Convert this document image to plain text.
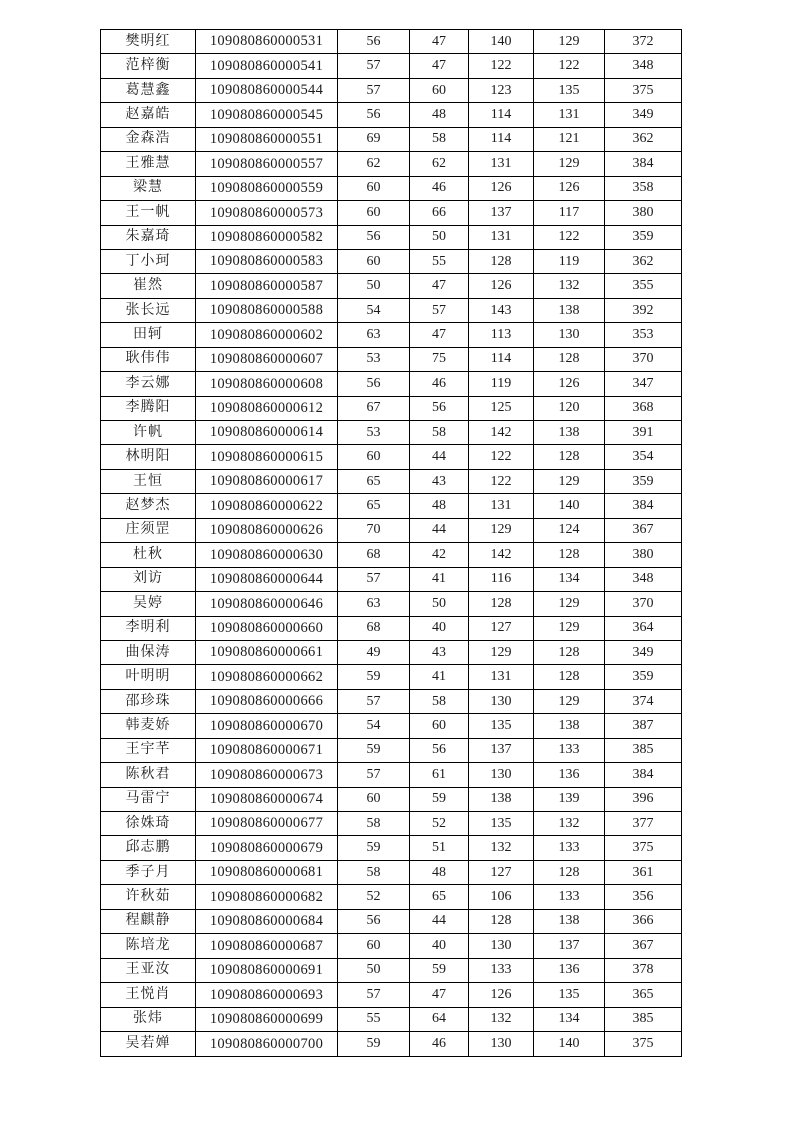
樊明红	109080860000531	56	47	140	129	372
范梓衡	109080860000541	57	47	122	122	348
葛慧鑫	109080860000544	57	60	123	135	375
赵嘉皓	109080860000545	56	48	114	131	349
金森浩	109080860000551	69	58	114	121	362
王雅慧	109080860000557	62	62	131	129	384
梁慧	109080860000559	60	46	126	126	358
王一帆	109080860000573	60	66	137	117	380
朱嘉琦	109080860000582	56	50	131	122	359
丁小珂	109080860000583	60	55	128	119	362
崔然	109080860000587	50	47	126	132	355
张长远	109080860000588	54	57	143	138	392
田轲	109080860000602	63	47	113	130	353
耿伟伟	109080860000607	53	75	114	128	370
李云娜	109080860000608	56	46	119	126	347
李腾阳	109080860000612	67	56	125	120	368
许帆	109080860000614	53	58	142	138	391
林明阳	109080860000615	60	44	122	128	354
王恒	109080860000617	65	43	122	129	359
赵梦杰	109080860000622	65	48	131	140	384
庄须罡	109080860000626	70	44	129	124	367
杜秋	109080860000630	68	42	142	128	380
刘访	109080860000644	57	41	116	134	348
吴婷	109080860000646	63	50	128	129	370
李明利	109080860000660	68	40	127	129	364
曲保涛	109080860000661	49	43	129	128	349
叶明明	109080860000662	59	41	131	128	359
邵珍珠	109080860000666	57	58	130	129	374
韩麦娇	109080860000670	54	60	135	138	387
王宇芊	109080860000671	59	56	137	133	385
陈秋君	109080860000673	57	61	130	136	384
马雷宁	109080860000674	60	59	138	139	396
徐姝琦	109080860000677	58	52	135	132	377
邱志鹏	109080860000679	59	51	132	133	375
季子月	109080860000681	58	48	127	128	361
许秋茹	109080860000682	52	65	106	133	356
程麒静	109080860000684	56	44	128	138	366
陈培龙	109080860000687	60	40	130	137	367
王亚汝	109080860000691	50	59	133	136	378
王悦肖	109080860000693	57	47	126	135	365
张炜	109080860000699	55	64	132	134	385
吴若婵	109080860000700	59	46	130	140	375
